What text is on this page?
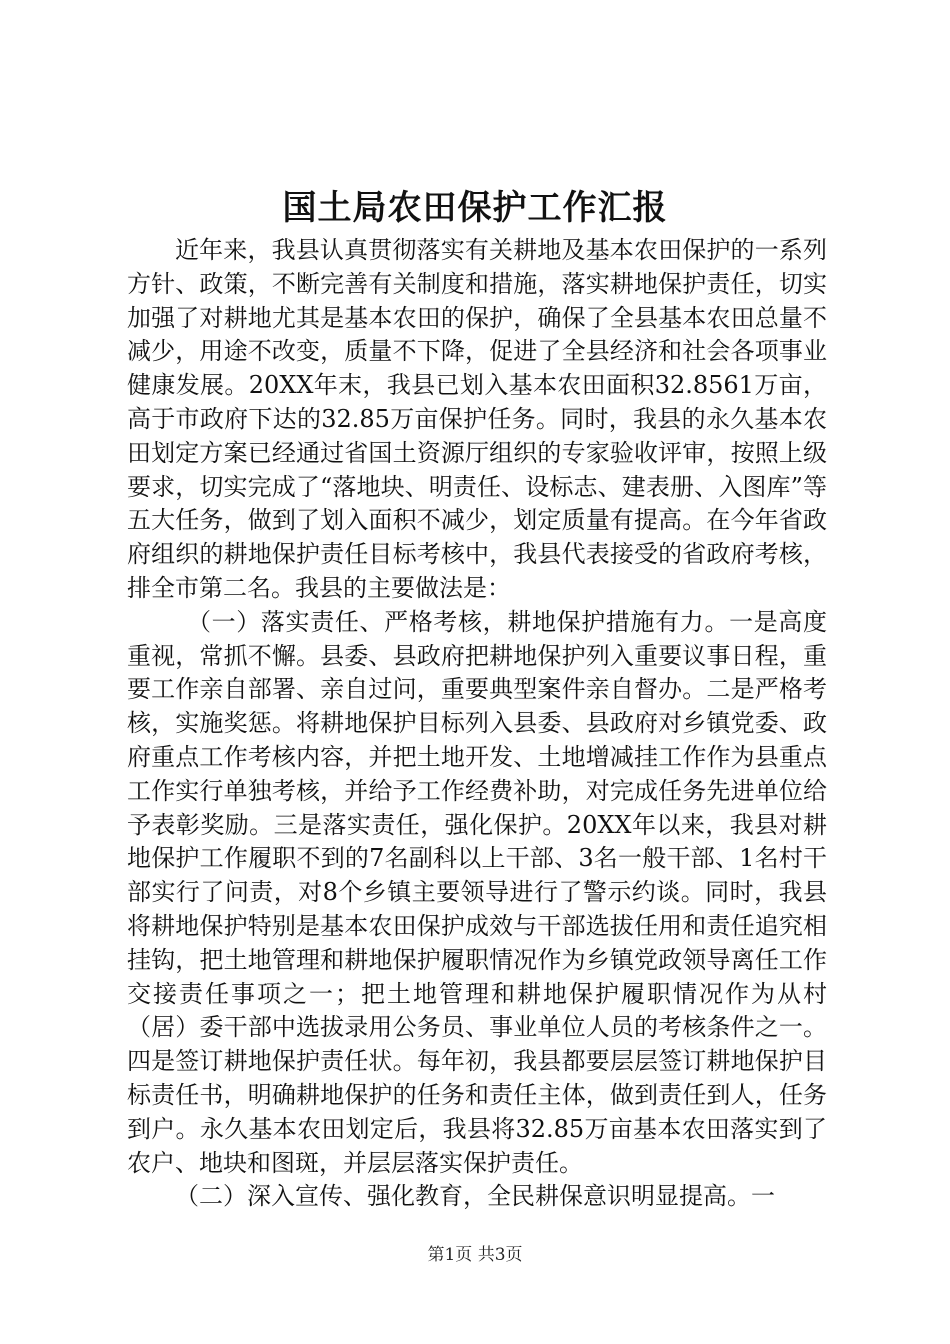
国土局农田保护工作汇报

近年来，我县认真贯彻落实有关耕地及基本农田保护的一系列方针、政策，不断完善有关制度和措施，落实耕地保护责任，切实加强了对耕地尤其是基本农田的保护，确保了全县基本农田总量不减少，用途不改变，质量不下降，促进了全县经济和社会各项事业健康发展。20XX年末，我县已划入基本农田面积32.8561万亩，高于市政府下达的32.85万亩保护任务。同时，我县的永久基本农田划定方案已经通过省国土资源厅组织的专家验收评审，按照上级要求，切实完成了“落地块、明责任、设标志、建表册、入图库”等五大任务，做到了划入面积不减少，划定质量有提高。在今年省政府组织的耕地保护责任目标考核中，我县代表接受的省政府考核，排全市第二名。我县的主要做法是：

（一）落实责任、严格考核，耕地保护措施有力。一是高度重视，常抓不懈。县委、县政府把耕地保护列入重要议事日程，重要工作亲自部署、亲自过问，重要典型案件亲自督办。二是严格考核，实施奖惩。将耕地保护目标列入县委、县政府对乡镇党委、政府重点工作考核内容，并把土地开发、土地增减挂工作作为县重点工作实行单独考核，并给予工作经费补助，对完成任务先进单位给予表彰奖励。三是落实责任，强化保护。20XX年以来，我县对耕地保护工作履职不到的7名副科以上干部、3名一般干部、1名村干部实行了问责，对8个乡镇主要领导进行了警示约谈。同时，我县将耕地保护特别是基本农田保护成效与干部选拔任用和责任追究相挂钩，把土地管理和耕地保护履职情况作为乡镇党政领导离任工作交接责任事项之一；把土地管理和耕地保护履职情况作为从村（居）委干部中选拔录用公务员、事业单位人员的考核条件之一。四是签订耕地保护责任状。每年初，我县都要层层签订耕地保护目标责任书，明确耕地保护的任务和责任主体，做到责任到人，任务到户。永久基本农田划定后，我县将32.85万亩基本农田落实到了农户、地块和图斑，并层层落实保护责任。

（二）深入宣传、强化教育，全民耕保意识明显提高。一

第1页 共3页
